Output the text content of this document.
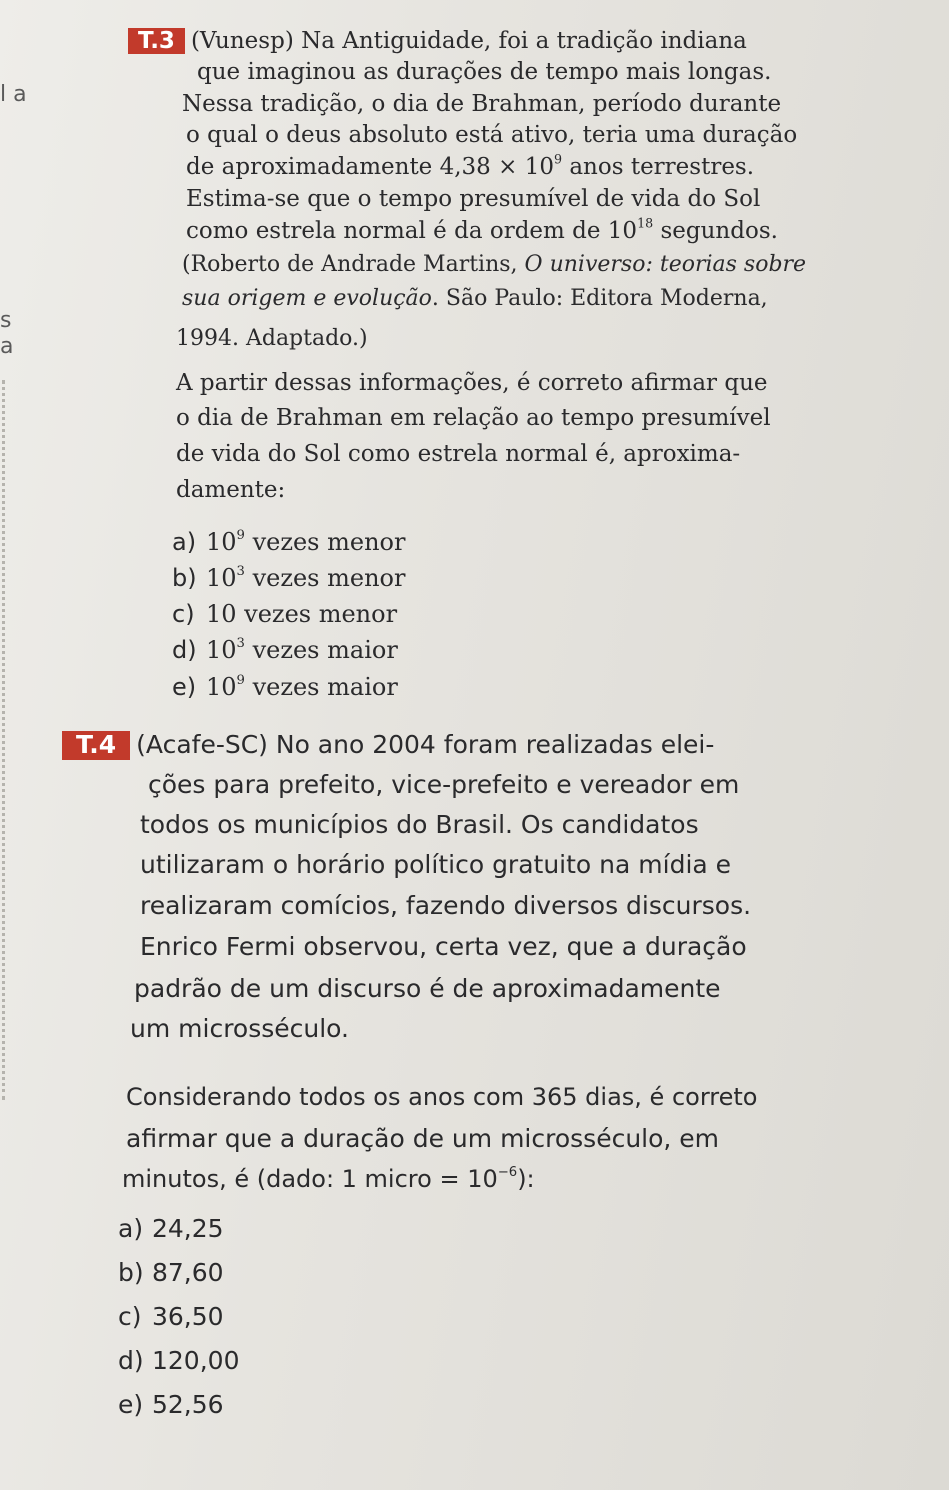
l a
s
a
T.3 (Vunesp) Na Antiguidade, foi a tradição indiana
que imaginou as durações de tempo mais longas.
Nessa tradição, o dia de Brahman, período durante
o qual o deus absoluto está ativo, teria uma duração
de aproximadamente $4,38 \times 10^9$ anos terrestres.
Estima-se que o tempo presumível de vida do Sol
como estrela normal é da ordem de $10^{18}$ segundos.
(Roberto de Andrade Martins, O universo: teorias sobre
sua origem e evolução. São Paulo: Editora Moderna,
1994. Adaptado.)
A partir dessas informações, é correto afirmar que
o dia de Brahman em relação ao tempo presumível
de vida do Sol como estrela normal é, aproxima-
damente:
a) $10^9$ vezes menor
b) $10^3$ vezes menor
c) 10 vezes menor
d) $10^3$ vezes maior
e) $10^9$ vezes maior
T.4 (Acafe-SC) No ano 2004 foram realizadas elei-
ções para prefeito, vice-prefeito e vereador em
todos os municípios do Brasil. Os candidatos
utilizaram o horário político gratuito na mídia e
realizaram comícios, fazendo diversos discursos.
Enrico Fermi observou, certa vez, que a duração
padrão de um discurso é de aproximadamente
um microsséculo.
Considerando todos os anos com 365 dias, é correto
afirmar que a duração de um microsséculo, em
minutos, é (dado: 1 micro = $10^{-6}$):
a) 24,25
b) 87,60
c) 36,50
d) 120,00
e) 52,56
